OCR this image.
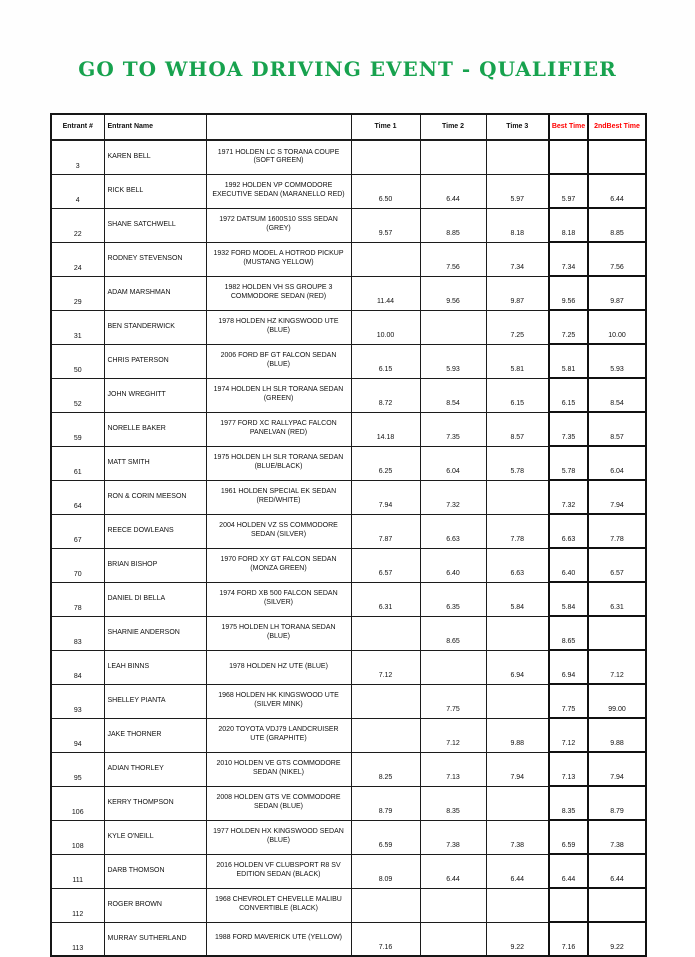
GO TO WHOA DRIVING EVENT - QUALIFIER
Entrant #	Entrant Name		Time 1	Time 2	Time 3	Best Time	2ndBest Time
3	KAREN BELL	1971 HOLDEN LC S TORANA COUPE (SOFT GREEN)					
4	RICK BELL	1992 HOLDEN VP COMMODORE EXECUTIVE SEDAN (MARANELLO RED)	6.50	6.44	5.97	5.97	6.44
22	SHANE SATCHWELL	1972 DATSUM 1600S10 SSS SEDAN (GREY)	9.57	8.85	8.18	8.18	8.85
24	RODNEY STEVENSON	1932 FORD MODEL A HOTROD PICKUP (MUSTANG YELLOW)		7.56	7.34	7.34	7.56
29	ADAM MARSHMAN	1982 HOLDEN VH SS GROUPE 3 COMMODORE SEDAN (RED)	11.44	9.56	9.87	9.56	9.87
31	BEN STANDERWICK	1978 HOLDEN HZ KINGSWOOD UTE (BLUE)	10.00		7.25	7.25	10.00
50	CHRIS PATERSON	2006 FORD BF GT FALCON SEDAN (BLUE)	6.15	5.93	5.81	5.81	5.93
52	JOHN WREGHITT	1974 HOLDEN LH SLR TORANA SEDAN (GREEN)	8.72	8.54	6.15	6.15	8.54
59	NORELLE BAKER	1977 FORD XC RALLYPAC FALCON PANELVAN (RED)	14.18	7.35	8.57	7.35	8.57
61	MATT SMITH	1975 HOLDEN LH SLR TORANA SEDAN (BLUE/BLACK)	6.25	6.04	5.78	5.78	6.04
64	RON & CORIN MEESON	1961 HOLDEN SPECIAL EK SEDAN (RED/WHITE)	7.94	7.32		7.32	7.94
67	REECE DOWLEANS	2004 HOLDEN VZ SS COMMODORE SEDAN (SILVER)	7.87	6.63	7.78	6.63	7.78
70	BRIAN BISHOP	1970 FORD XY GT FALCON SEDAN (MONZA GREEN)	6.57	6.40	6.63	6.40	6.57
78	DANIEL DI BELLA	1974 FORD XB 500 FALCON SEDAN (SILVER)	6.31	6.35	5.84	5.84	6.31
83	SHARNIE ANDERSON	1975 HOLDEN LH TORANA SEDAN (BLUE)		8.65		8.65	
84	LEAH BINNS	1978 HOLDEN HZ UTE (BLUE)	7.12		6.94	6.94	7.12
93	SHELLEY PIANTA	1968 HOLDEN HK KINGSWOOD UTE (SILVER MINK)		7.75		7.75	99.00
94	JAKE THORNER	2020 TOYOTA VDJ79 LANDCRUISER UTE (GRAPHITE)		7.12	9.88	7.12	9.88
95	ADIAN THORLEY	2010 HOLDEN VE GTS COMMODORE SEDAN (NIKEL)	8.25	7.13	7.94	7.13	7.94
106	KERRY THOMPSON	2008 HOLDEN GTS VE COMMODORE SEDAN (BLUE)	8.79	8.35		8.35	8.79
108	KYLE O'NEILL	1977 HOLDEN HX KINGSWOOD SEDAN (BLUE)	6.59	7.38	7.38	6.59	7.38
111	DARB THOMSON	2016 HOLDEN VF CLUBSPORT R8 SV EDITION SEDAN (BLACK)	8.09	6.44	6.44	6.44	6.44
112	ROGER BROWN	1968 CHEVROLET CHEVELLE MALIBU CONVERTIBLE (BLACK)					
113	MURRAY SUTHERLAND	1988 FORD MAVERICK UTE (YELLOW)	7.16		9.22	7.16	9.22
